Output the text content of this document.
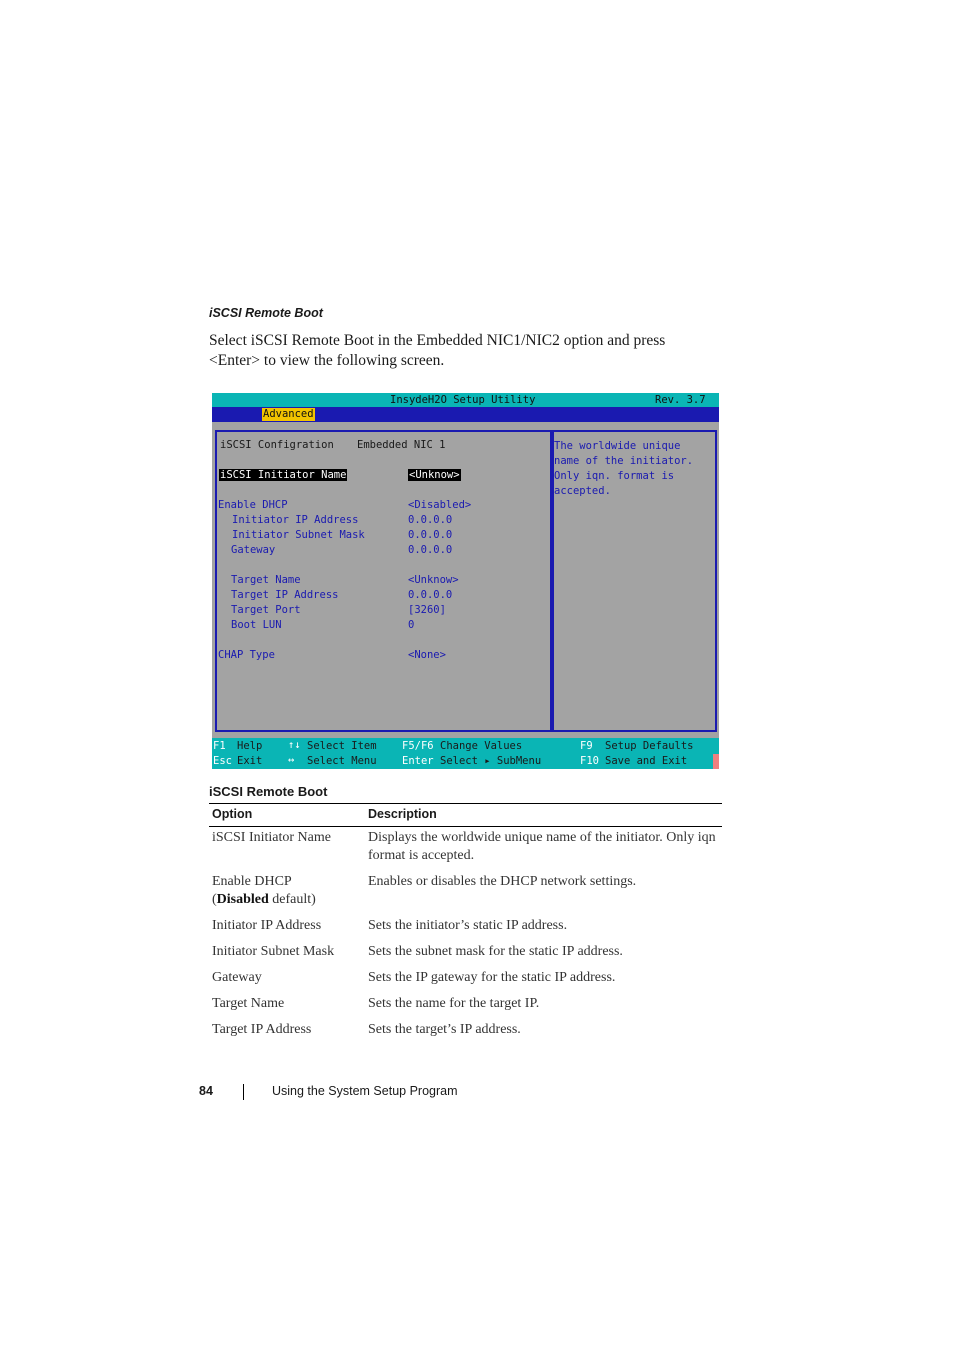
iSCSI Remote Boot
Select iSCSI Remote Boot in the Embedded NIC1/NIC2 option and press
<Enter> to view the following screen.
InsydeH2O Setup Utility	Rev. 3.7
Advanced
iSCSI Configration Embedded NIC 1
iSCSI Initiator Name	<Unknow>
Enable DHCP	<Disabled>
Initiator IP Address	0.0.0.0
Initiator Subnet Mask	0.0.0.0
Gateway	0.0.0.0
Target Name	<Unknow>
Target IP Address	0.0.0.0
Target Port	[3260]
Boot LUN	0
CHAP Type	<None>
The worldwide unique
name of the initiator.
Only iqn. format is
accepted.
F1 Help ↑↓ Select Item F5/F6 Change Values	F9 Setup Defaults
Esc Exit ↔ Select Menu Enter Select ▸ SubMenu	F10 Save and Exit
iSCSI Remote Boot
Option	Description
iSCSI Initiator Name	Displays the worldwide unique name of the initiator. Only iqn format is accepted.
Enable DHCP
(Disabled default)	Enables or disables the DHCP network settings.
Initiator IP Address	Sets the initiator’s static IP address.
Initiator Subnet Mask	Sets the subnet mask for the static IP address.
Gateway	Sets the IP gateway for the static IP address.
Target Name	Sets the name for the target IP.
Target IP Address	Sets the target’s IP address.
84	Using the System Setup Program
